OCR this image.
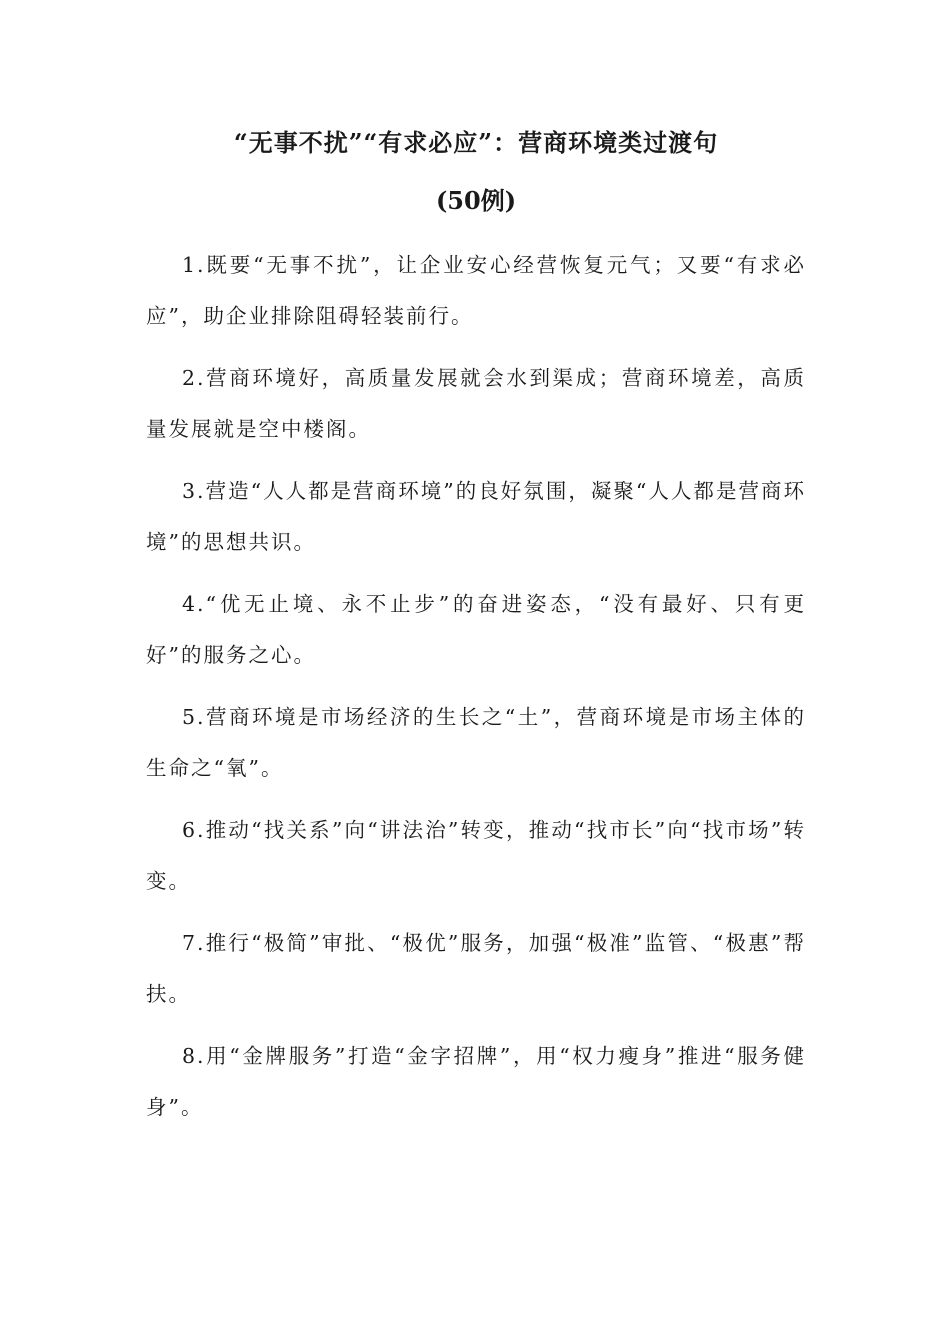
“无事不扰”“有求必应”：营商环境类过渡句
(50例)

1.既要“无事不扰”，让企业安心经营恢复元气；又要“有求必应”，助企业排除阻碍轻装前行。

2.营商环境好，高质量发展就会水到渠成；营商环境差，高质量发展就是空中楼阁。

3.营造“人人都是营商环境”的良好氛围，凝聚“人人都是营商环境”的思想共识。

4.“优无止境、永不止步”的奋进姿态，“没有最好、只有更好”的服务之心。

5.营商环境是市场经济的生长之“土”，营商环境是市场主体的生命之“氧”。

6.推动“找关系”向“讲法治”转变，推动“找市长”向“找市场”转变。

7.推行“极简”审批、“极优”服务，加强“极准”监管、“极惠”帮扶。

8.用“金牌服务”打造“金字招牌”，用“权力瘦身”推进“服务健身”。
